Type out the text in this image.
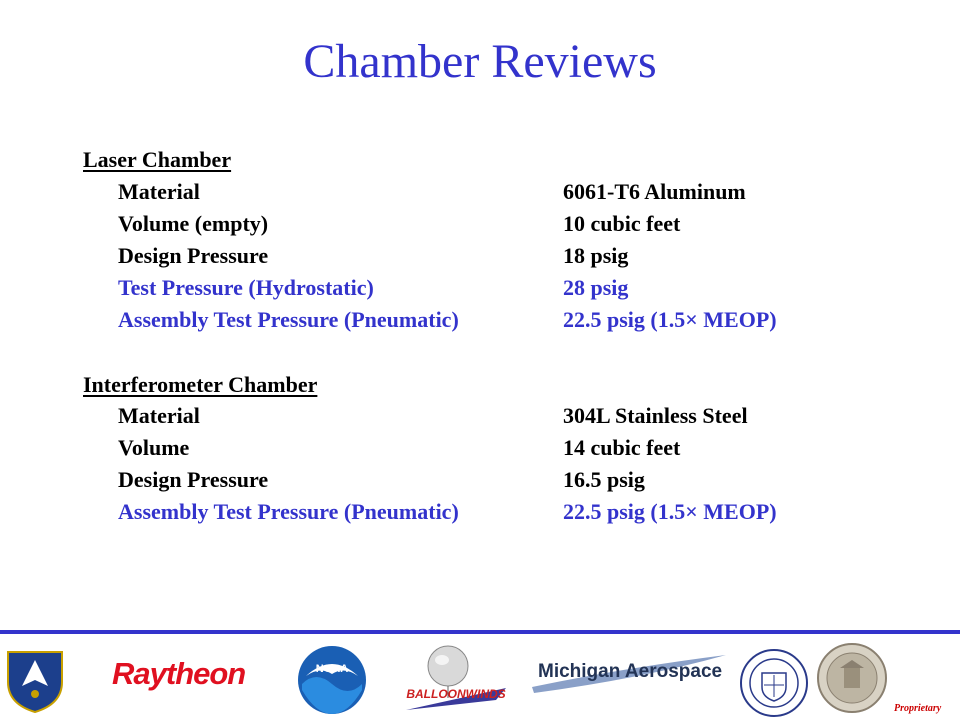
Chamber Reviews
Laser Chamber
Material	6061-T6 Aluminum
Volume (empty)	10 cubic feet
Design Pressure	18 psig
Test Pressure (Hydrostatic)	28 psig
Assembly Test Pressure (Pneumatic)	22.5 psig (1.5× MEOP)
Interferometer Chamber
Material	304L Stainless Steel
Volume	14 cubic feet
Design Pressure	16.5 psig
Assembly Test Pressure (Pneumatic)	22.5 psig (1.5× MEOP)
Raytheon	NOAA
BALLOONWINDS
Michigan Aerospace
Proprietary
